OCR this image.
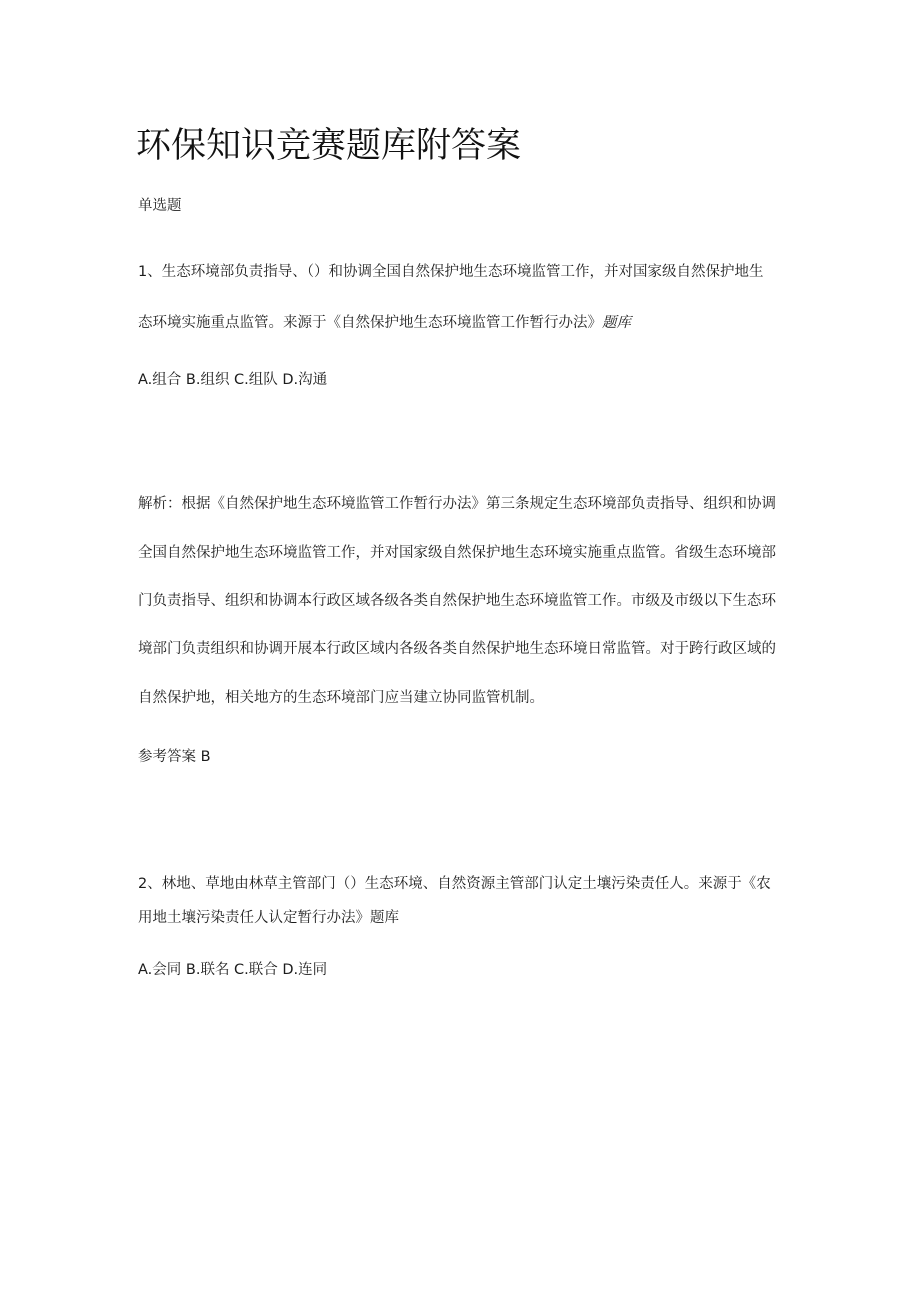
环保知识竞赛题库附答案
单选题
1、生态环境部负责指导、（）和协调全国自然保护地生态环境监管工作，并对国家级自然保护地生
态环境实施重点监管。来源于《自然保护地生态环境监管工作暂行办法》题库
A.组合 B.组织 C.组队 D.沟通
解析：根据《自然保护地生态环境监管工作暂行办法》第三条规定生态环境部负责指导、组织和协调
全国自然保护地生态环境监管工作，并对国家级自然保护地生态环境实施重点监管。省级生态环境部
门负责指导、组织和协调本行政区域各级各类自然保护地生态环境监管工作。市级及市级以下生态环
境部门负责组织和协调开展本行政区域内各级各类自然保护地生态环境日常监管。对于跨行政区域的
自然保护地，相关地方的生态环境部门应当建立协同监管机制。
参考答案 B
2、林地、草地由林草主管部门（）生态环境、自然资源主管部门认定土壤污染责任人。来源于《农
用地土壤污染责任人认定暂行办法》题库
A.会同 B.联名 C.联合 D.连同
